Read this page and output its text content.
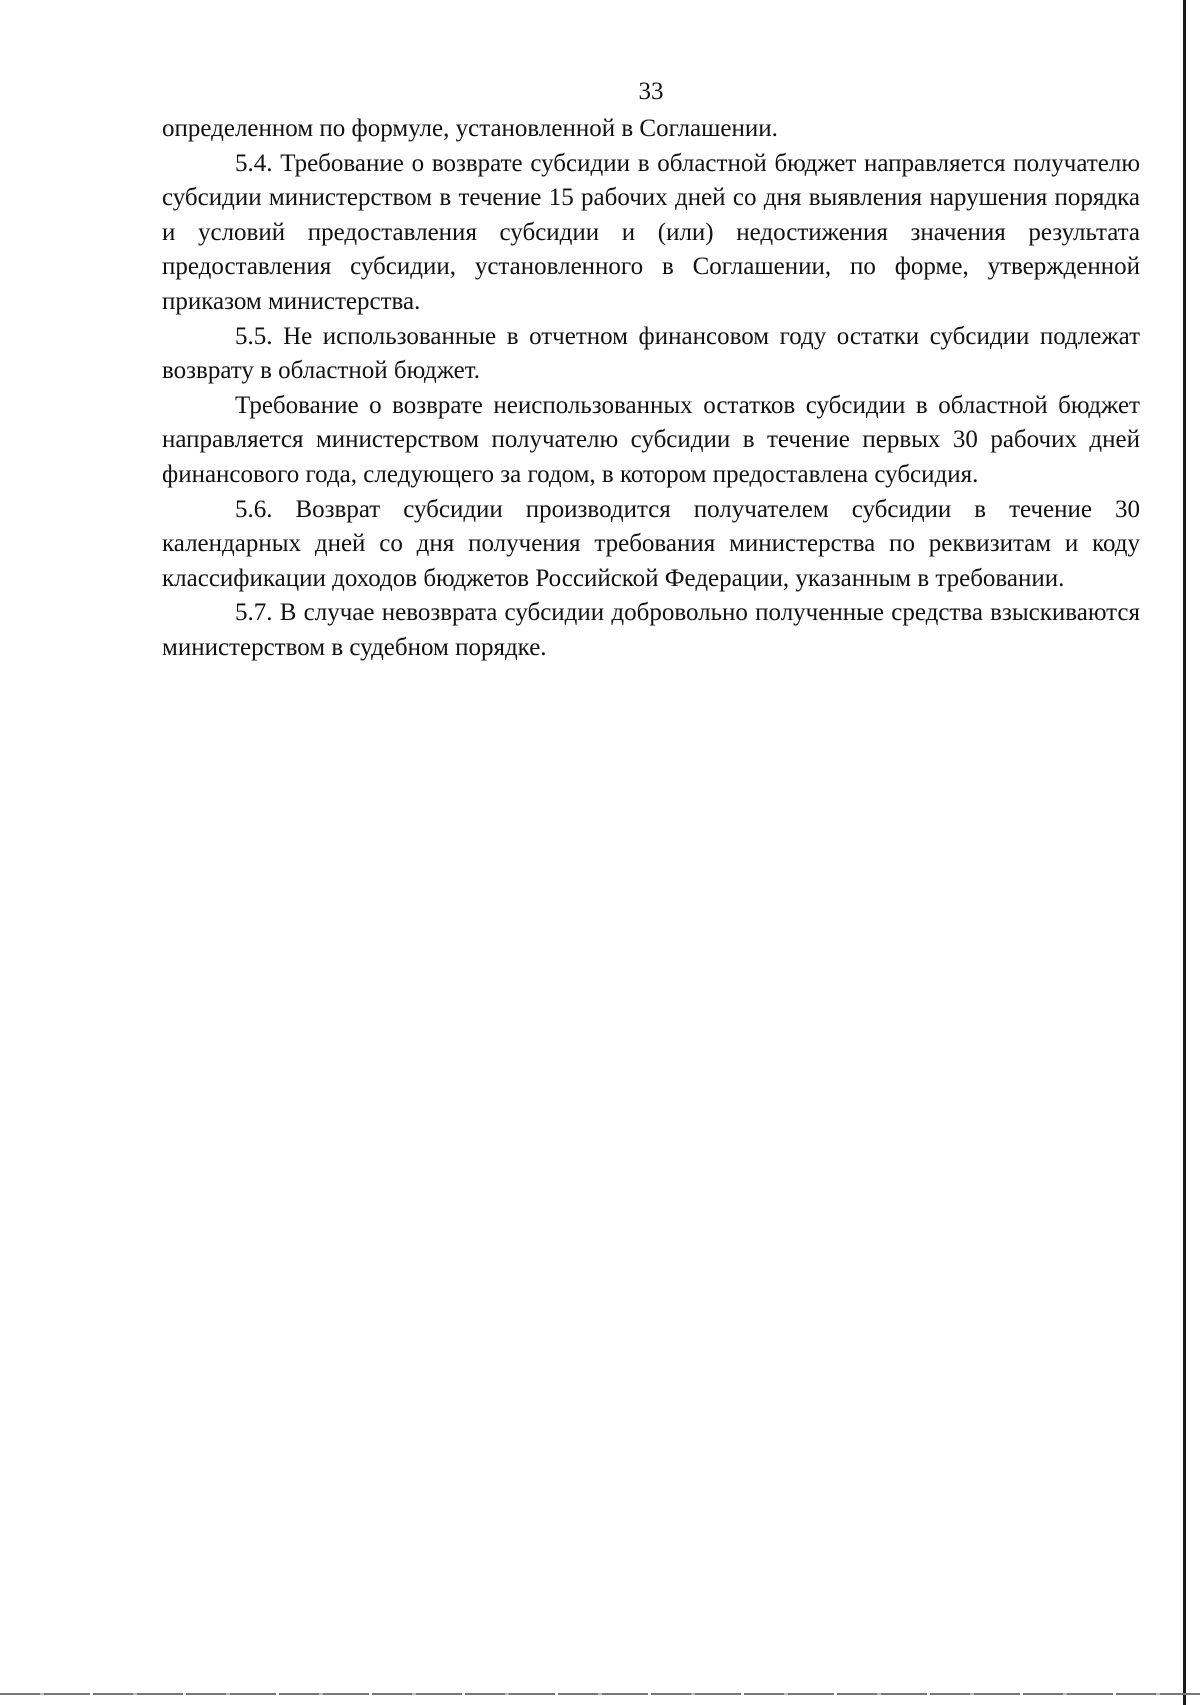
33

определенном по формуле, установленной в Соглашении.

5.4. Требование о возврате субсидии в областной бюджет направляется получателю субсидии министерством в течение 15 рабочих дней со дня выявления нарушения порядка и условий предоставления субсидии и (или) недостижения значения результата предоставления субсидии, установленного в Соглашении, по форме, утвержденной приказом министерства.

5.5. Не использованные в отчетном финансовом году остатки субсидии подлежат возврату в областной бюджет.

Требование о возврате неиспользованных остатков субсидии в областной бюджет направляется министерством получателю субсидии в течение первых 30 рабочих дней финансового года, следующего за годом, в котором предоставлена субсидия.

5.6. Возврат субсидии производится получателем субсидии в течение 30 календарных дней со дня получения требования министерства по реквизитам и коду классификации доходов бюджетов Российской Федерации, указанным в требовании.

5.7. В случае невозврата субсидии добровольно полученные средства взыскиваются министерством в судебном порядке.
